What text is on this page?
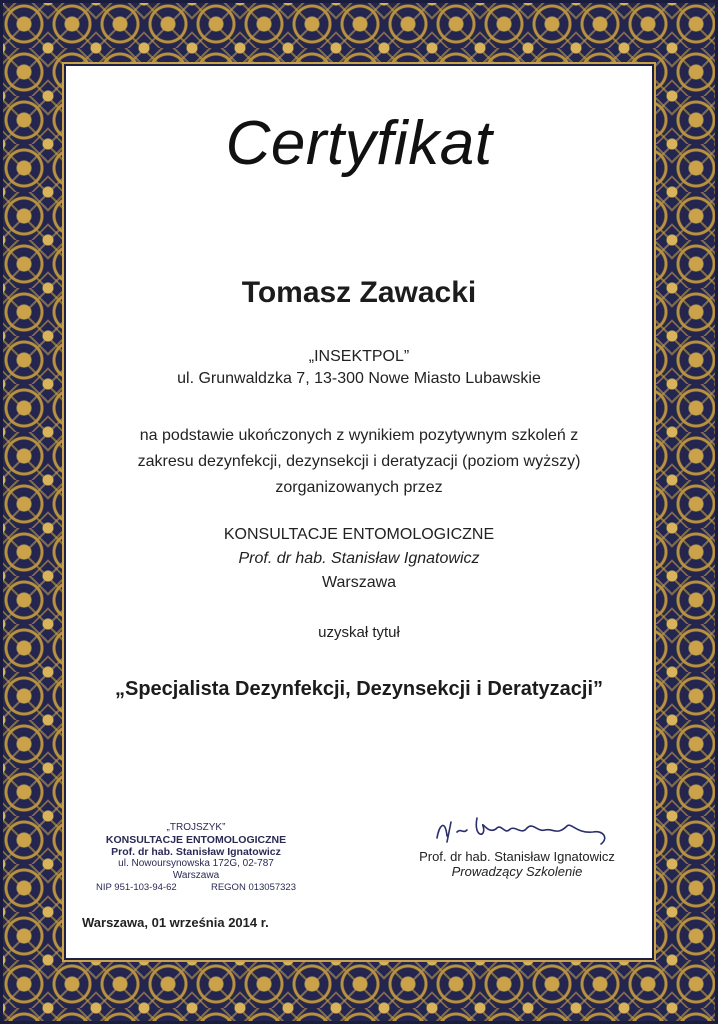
Certyfikat
Tomasz Zawacki
„INSEKTPOL”
ul. Grunwaldzka 7, 13-300 Nowe Miasto Lubawskie
na podstawie ukończonych z wynikiem pozytywnym szkoleń z
zakresu dezynfekcji, dezynsekcji i deratyzacji (poziom wyższy)
zorganizowanych przez
KONSULTACJE ENTOMOLOGICZNE
Prof. dr hab. Stanisław Ignatowicz
Warszawa
uzyskał tytuł
„Specjalista Dezynfekcji, Dezynsekcji i Deratyzacji”
„TROJSZYK”
KONSULTACJE ENTOMOLOGICZNE
Prof. dr hab. Stanisław Ignatowicz
ul. Nowoursynowska 172G, 02-787 Warszawa
NIP 951-103-94-62	REGON 013057323
Prof. dr hab. Stanisław Ignatowicz
Prowadzący Szkolenie
Warszawa, 01 września 2014 r.
